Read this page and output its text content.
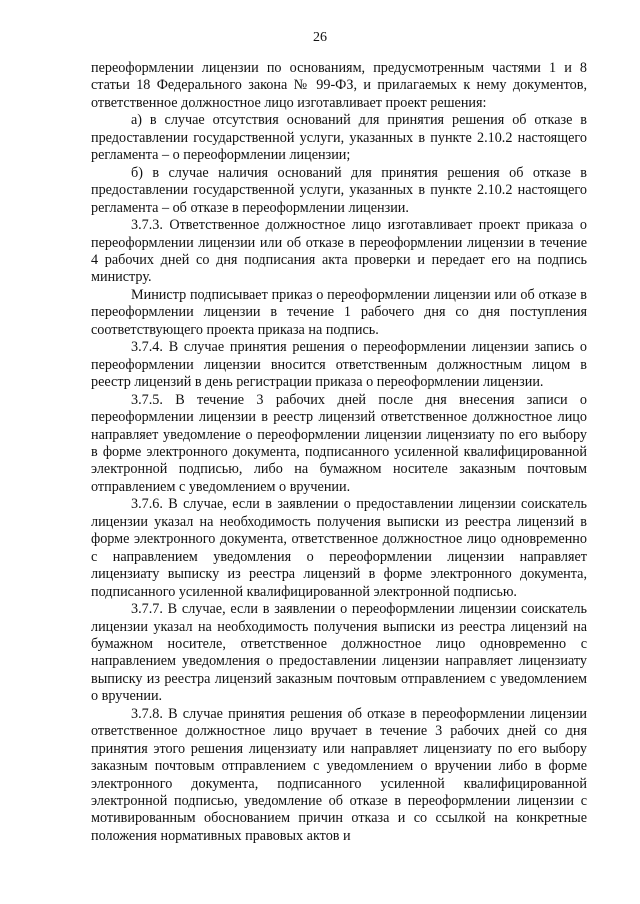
26

переоформлении лицензии по основаниям, предусмотренным частями 1 и 8 статьи 18 Федерального закона № 99-ФЗ, и прилагаемых к нему документов, ответственное должностное лицо изготавливает проект решения:

а) в случае отсутствия оснований для принятия решения об отказе в предоставлении государственной услуги, указанных в пункте 2.10.2 настоящего регламента – о переоформлении лицензии;

б) в случае наличия оснований для принятия решения об отказе в предоставлении государственной услуги, указанных в пункте 2.10.2 настоящего регламента – об отказе в переоформлении лицензии.

3.7.3. Ответственное должностное лицо изготавливает проект приказа о переоформлении лицензии или об отказе в переоформлении лицензии в течение 4 рабочих дней со дня подписания акта проверки и передает его на подпись министру.

Министр подписывает приказ о переоформлении лицензии или об отказе в переоформлении лицензии в течение 1 рабочего дня со дня поступления соответствующего проекта приказа на подпись.

3.7.4. В случае принятия решения о переоформлении лицензии запись о переоформлении лицензии вносится ответственным должностным лицом в реестр лицензий в день регистрации приказа о переоформлении лицензии.

3.7.5. В течение 3 рабочих дней после дня внесения записи о переоформлении лицензии в реестр лицензий ответственное должностное лицо направляет уведомление о переоформлении лицензии лицензиату по его выбору в форме электронного документа, подписанного усиленной квалифицированной электронной подписью, либо на бумажном носителе заказным почтовым отправлением с уведомлением о вручении.

3.7.6. В случае, если в заявлении о предоставлении лицензии соискатель лицензии указал на необходимость получения выписки из реестра лицензий в форме электронного документа, ответственное должностное лицо одновременно с направлением уведомления о переоформлении лицензии направляет лицензиату выписку из реестра лицензий в форме электронного документа, подписанного усиленной квалифицированной электронной подписью.

3.7.7. В случае, если в заявлении о переоформлении лицензии соискатель лицензии указал на необходимость получения выписки из реестра лицензий на бумажном носителе, ответственное должностное лицо одновременно с направлением уведомления о предоставлении лицензии направляет лицензиату выписку из реестра лицензий заказным почтовым отправлением с уведомлением о вручении.

3.7.8. В случае принятия решения об отказе в переоформлении лицензии ответственное должностное лицо вручает в течение 3 рабочих дней со дня принятия этого решения лицензиату или направляет лицензиату по его выбору заказным почтовым отправлением с уведомлением о вручении либо в форме электронного документа, подписанного усиленной квалифицированной электронной подписью, уведомление об отказе в переоформлении лицензии с мотивированным обоснованием причин отказа и со ссылкой на конкретные положения нормативных правовых актов и
